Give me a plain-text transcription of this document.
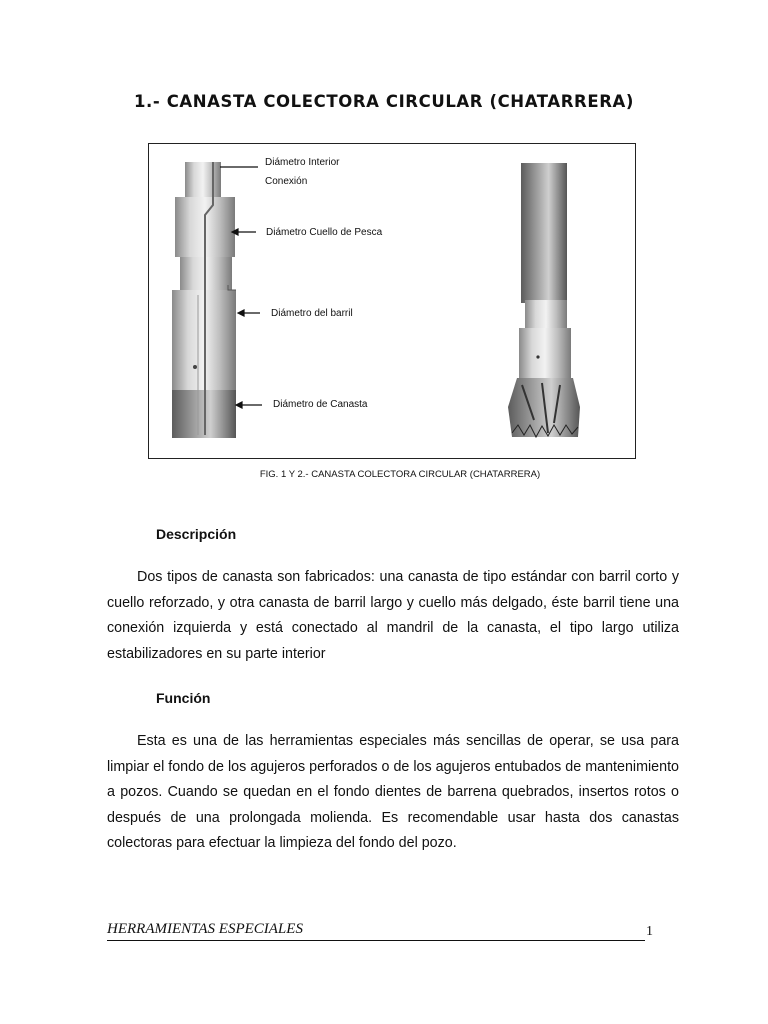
1.- CANASTA COLECTORA CIRCULAR (CHATARRERA)
Diámetro Interior
Conexión
Diámetro Cuello de Pesca
Diámetro del barril
Diámetro de Canasta
FIG. 1 Y 2.- CANASTA COLECTORA CIRCULAR (CHATARRERA)
Descripción
Dos tipos de canasta son fabricados: una canasta de tipo estándar con barril corto y cuello reforzado, y otra canasta de barril largo y cuello más delgado, éste barril tiene una conexión izquierda y está conectado al mandril de la canasta, el tipo largo utiliza estabilizadores en su parte interior
Función
Esta es una de las herramientas especiales más sencillas de operar, se usa para limpiar el fondo de los agujeros perforados o de los agujeros entubados de mantenimiento a pozos. Cuando se quedan en el fondo dientes de barrena quebrados, insertos rotos o después de una prolongada molienda. Es recomendable usar hasta dos canastas colectoras para efectuar la limpieza del fondo del pozo.
HERRAMIENTAS ESPECIALES	1
